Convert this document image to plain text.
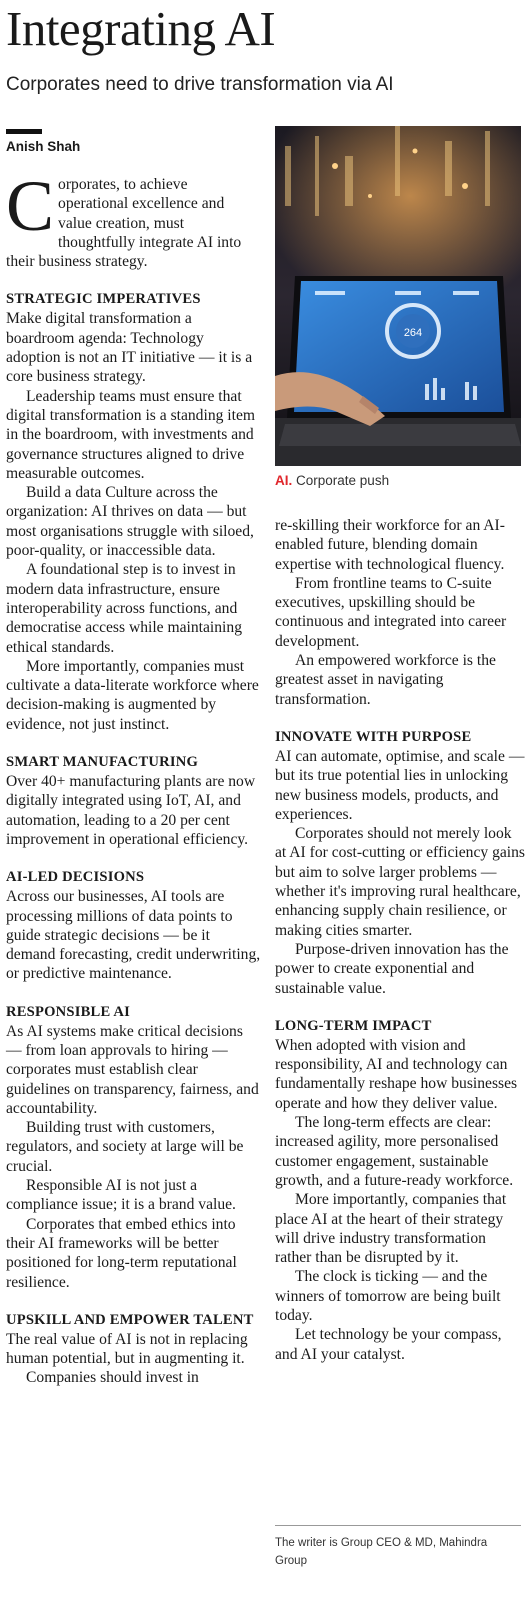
Integrating AI
Corporates need to drive transformation via AI
Anish Shah

Corporates, to achieve operational excellence and value creation, must thoughtfully integrate AI into their business strategy.

STRATEGIC IMPERATIVES

Make digital transformation a boardroom agenda: Technology adoption is not an IT initiative — it is a core business strategy.

Leadership teams must ensure that digital transformation is a standing item in the boardroom, with investments and governance structures aligned to drive measurable outcomes.

Build a data Culture across the organization: AI thrives on data — but most organisations struggle with siloed, poor-quality, or inaccessible data.

A foundational step is to invest in modern data infrastructure, ensure interoperability across functions, and democratise access while maintaining ethical standards.

More importantly, companies must cultivate a data-literate workforce where decision-making is augmented by evidence, not just instinct.

SMART MANUFACTURING

Over 40+ manufacturing plants are now digitally integrated using IoT, AI, and automation, leading to a 20 per cent improvement in operational efficiency.

AI-LED DECISIONS

Across our businesses, AI tools are processing millions of data points to guide strategic decisions — be it demand forecasting, credit underwriting, or predictive maintenance.

RESPONSIBLE AI

As AI systems make critical decisions — from loan approvals to hiring — corporates must establish clear guidelines on transparency, fairness, and accountability.

Building trust with customers, regulators, and society at large will be crucial.

Responsible AI is not just a compliance issue; it is a brand value.

Corporates that embed ethics into their AI frameworks will be better positioned for long-term reputational resilience.

UPSKILL AND EMPOWER TALENT

The real value of AI is not in replacing human potential, but in augmenting it.

Companies should invest in

264
AI. Corporate push

re-skilling their workforce for an AI-enabled future, blending domain expertise with technological fluency.

From frontline teams to C-suite executives, upskilling should be continuous and integrated into career development.

An empowered workforce is the greatest asset in navigating transformation.

INNOVATE WITH PURPOSE

AI can automate, optimise, and scale — but its true potential lies in unlocking new business models, products, and experiences.

Corporates should not merely look at AI for cost-cutting or efficiency gains but aim to solve larger problems — whether it's improving rural healthcare, enhancing supply chain resilience, or making cities smarter.

Purpose-driven innovation has the power to create exponential and sustainable value.

LONG-TERM IMPACT

When adopted with vision and responsibility, AI and technology can fundamentally reshape how businesses operate and how they deliver value.

The long-term effects are clear: increased agility, more personalised customer engagement, sustainable growth, and a future-ready workforce.

More importantly, companies that place AI at the heart of their strategy will drive industry transformation rather than be disrupted by it.

The clock is ticking — and the winners of tomorrow are being built today.

Let technology be your compass, and AI your catalyst.

The writer is Group CEO & MD, Mahindra Group
